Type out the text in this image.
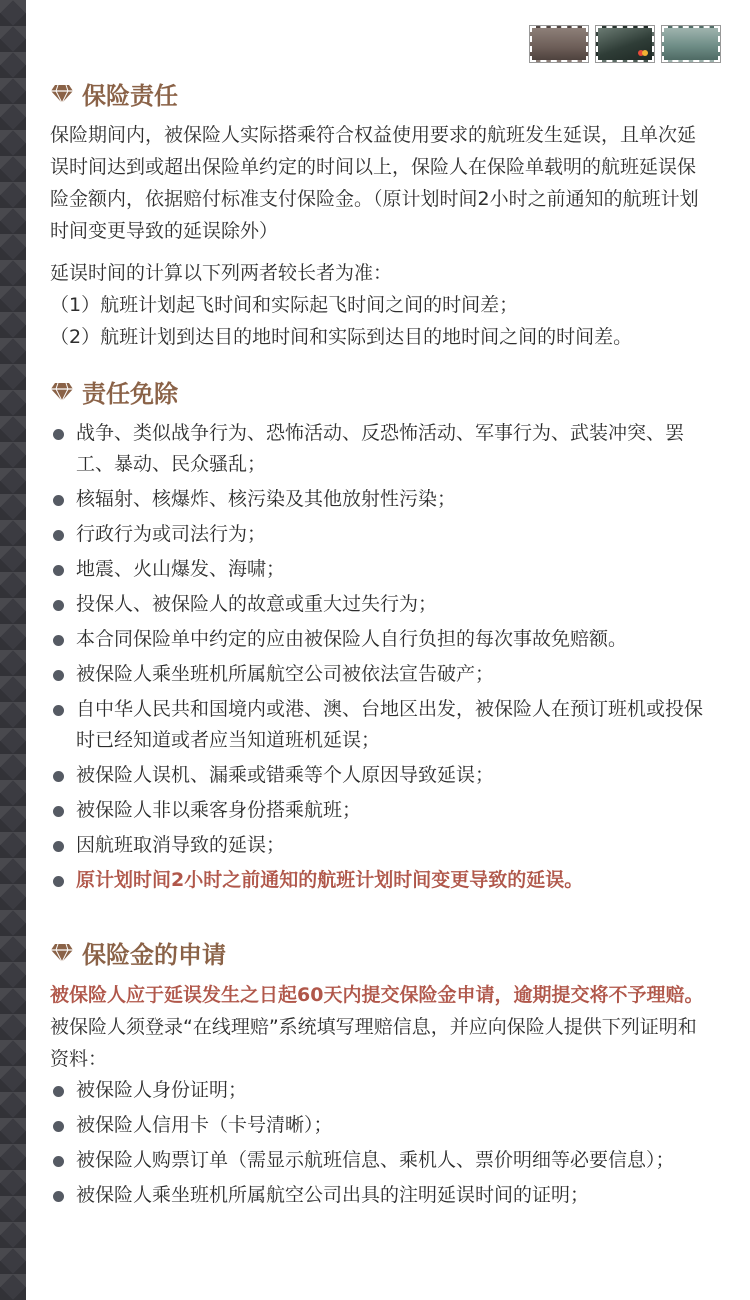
保险责任

保险期间内，被保险人实际搭乘符合权益使用要求的航班发生延误，且单次延误时间达到或超出保险单约定的时间以上，保险人在保险单载明的航班延误保险金额内，依据赔付标准支付保险金。（原计划时间2小时之前通知的航班计划时间变更导致的延误除外）

延误时间的计算以下列两者较长者为准：

（1）航班计划起飞时间和实际起飞时间之间的时间差；

（2）航班计划到达目的地时间和实际到达目的地时间之间的时间差。

责任免除
战争、类似战争行为、恐怖活动、反恐怖活动、军事行为、武装冲突、罢工、暴动、民众骚乱；
核辐射、核爆炸、核污染及其他放射性污染；
行政行为或司法行为；
地震、火山爆发、海啸；
投保人、被保险人的故意或重大过失行为；
本合同保险单中约定的应由被保险人自行负担的每次事故免赔额。
被保险人乘坐班机所属航空公司被依法宣告破产；
自中华人民共和国境内或港、澳、台地区出发，被保险人在预订班机或投保时已经知道或者应当知道班机延误；
被保险人误机、漏乘或错乘等个人原因导致延误；
被保险人非以乘客身份搭乘航班；
因航班取消导致的延误；
原计划时间2小时之前通知的航班计划时间变更导致的延误。
保险金的申请

被保险人应于延误发生之日起60天内提交保险金申请，逾期提交将不予理赔。被保险人须登录“在线理赔”系统填写理赔信息，并应向保险人提供下列证明和资料：

被保险人身份证明；
被保险人信用卡（卡号清晰）；
被保险人购票订单（需显示航班信息、乘机人、票价明细等必要信息）；
被保险人乘坐班机所属航空公司出具的注明延误时间的证明；
